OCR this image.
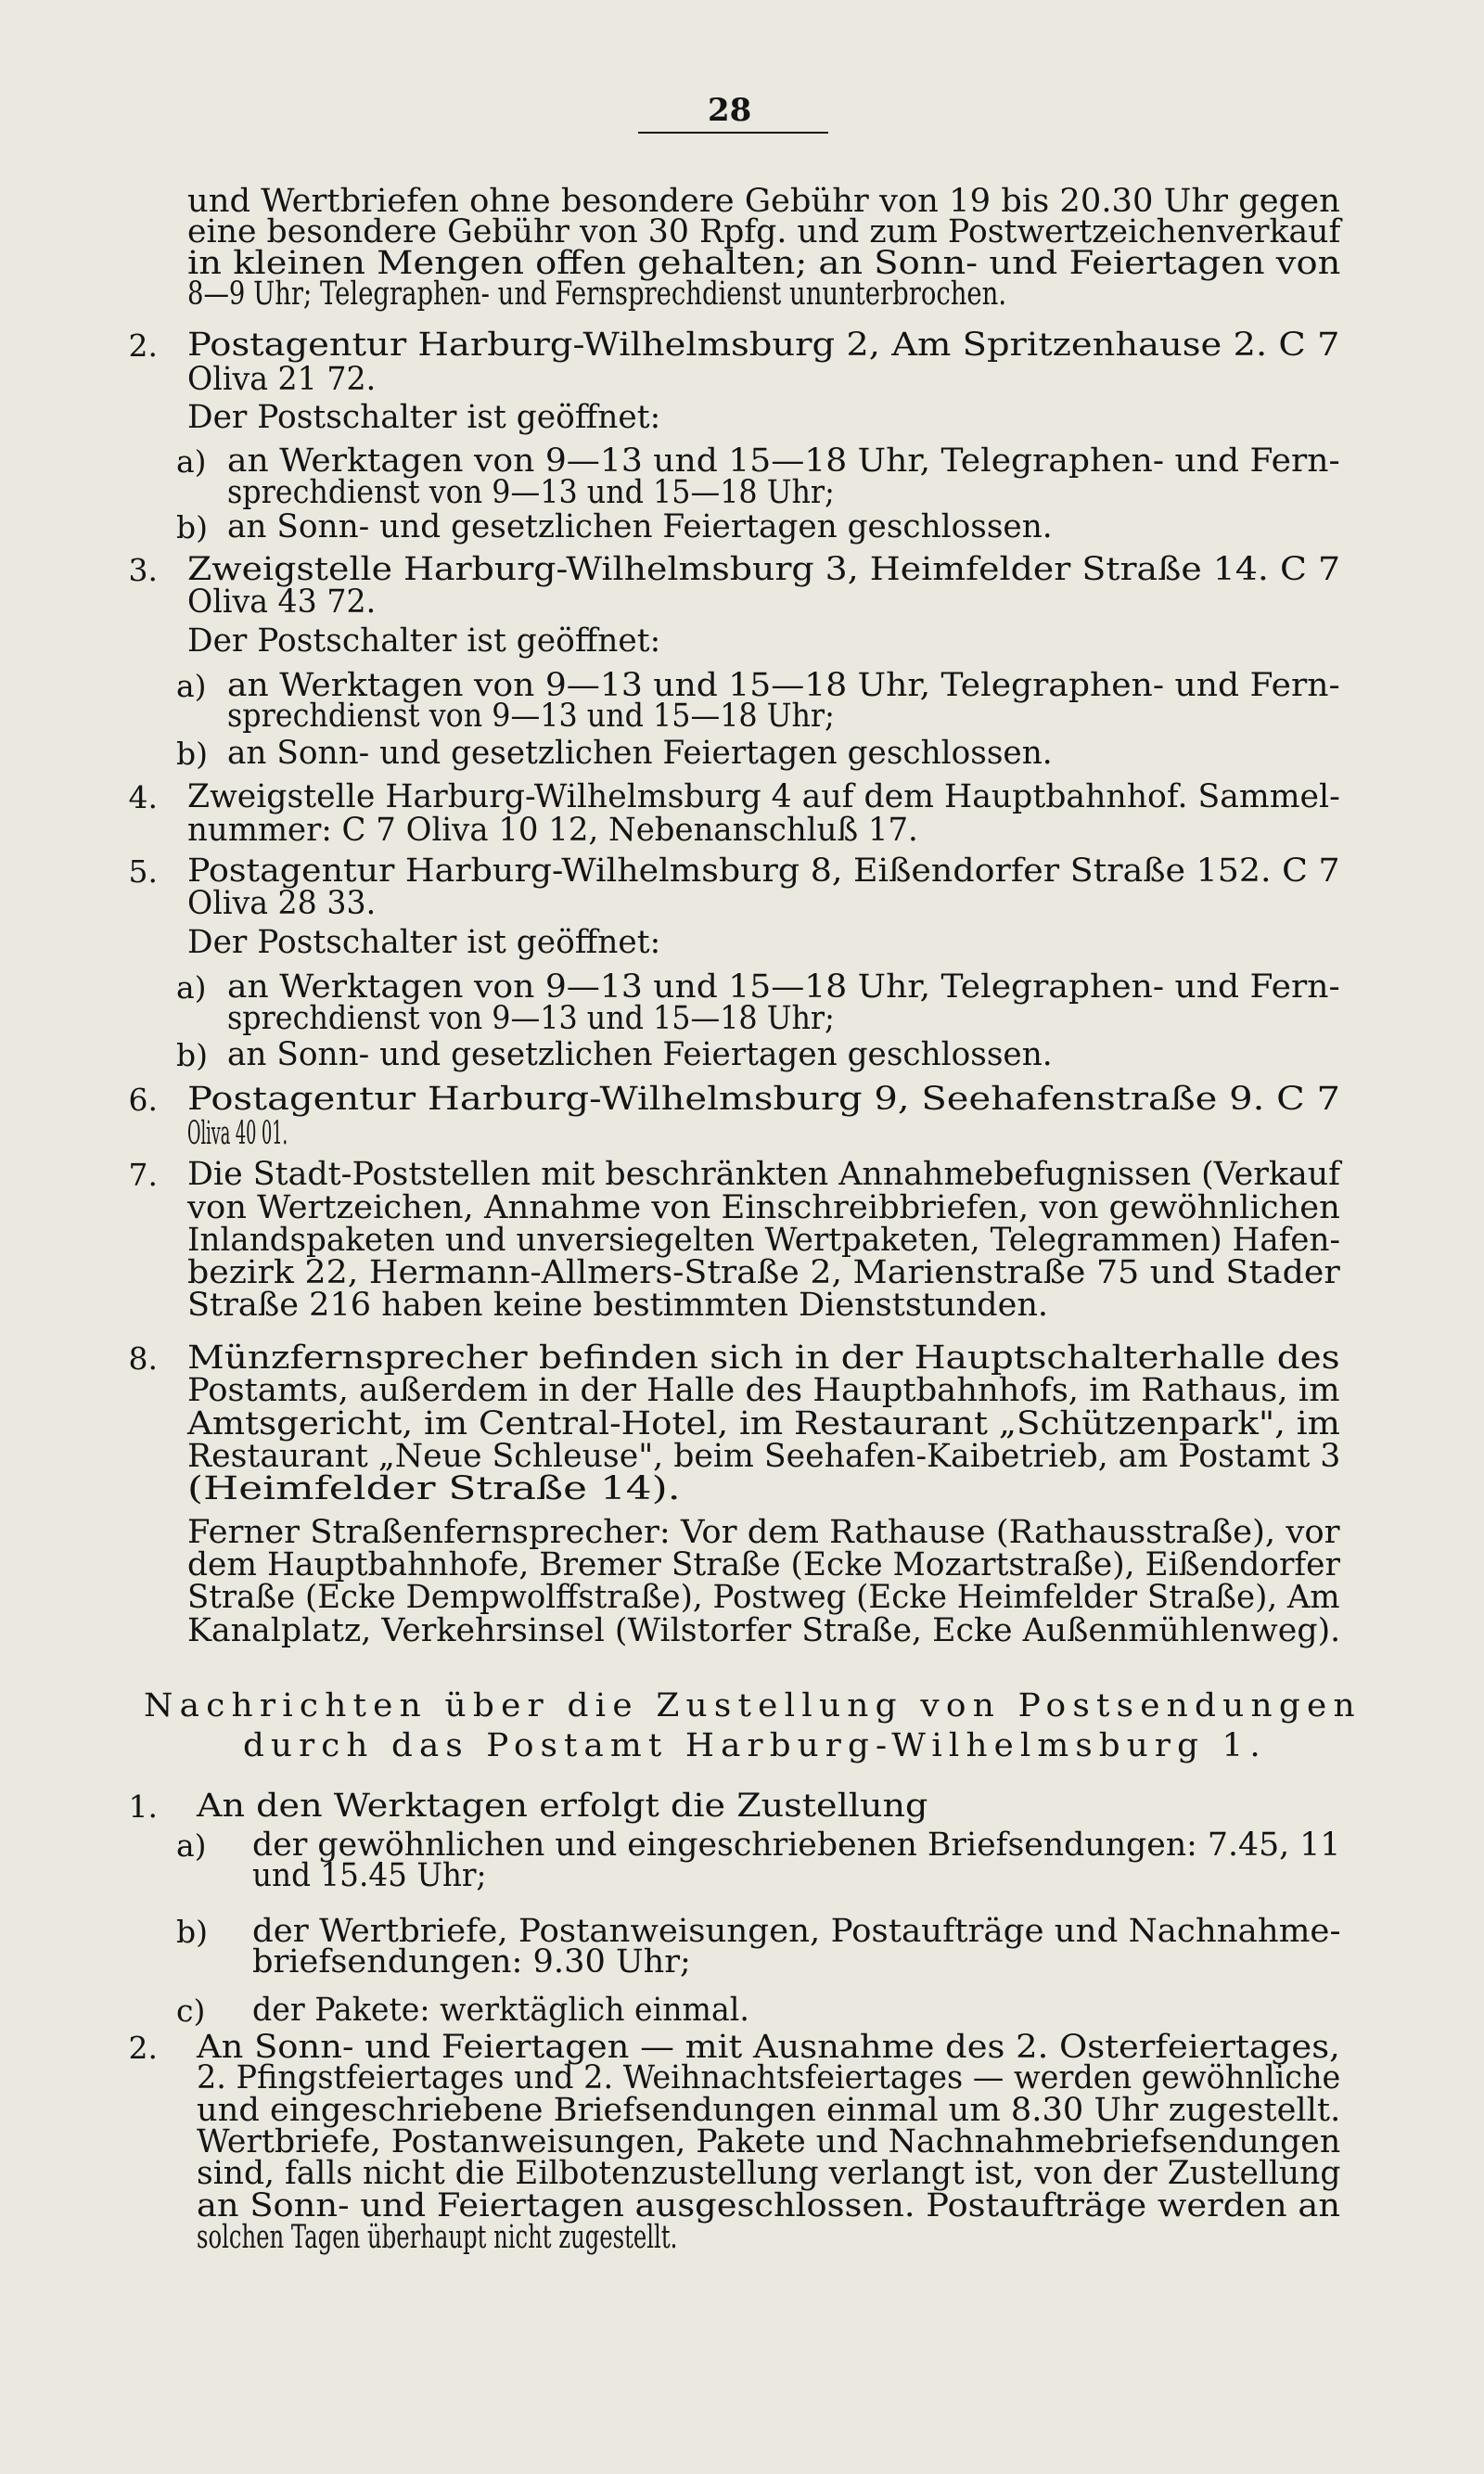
28
und Wertbriefen ohne besondere Gebühr von 19 bis 20.30 Uhr gegen
eine besondere Gebühr von 30 Rpfg. und zum Postwertzeichenverkauf
in kleinen Mengen offen gehalten; an Sonn- und Feiertagen von
8—9 Uhr; Telegraphen- und Fernsprechdienst ununterbrochen.
2. Postagentur Harburg-Wilhelmsburg 2, Am Spritzenhause 2. C 7
Oliva 21 72.
Der Postschalter ist geöffnet:
a) an Werktagen von 9—13 und 15—18 Uhr, Telegraphen- und Fern-
sprechdienst von 9—13 und 15—18 Uhr;
b) an Sonn- und gesetzlichen Feiertagen geschlossen.
3. Zweigstelle Harburg-Wilhelmsburg 3, Heimfelder Straße 14. C 7
Oliva 43 72.
Der Postschalter ist geöffnet:
a) an Werktagen von 9—13 und 15—18 Uhr, Telegraphen- und Fern-
sprechdienst von 9—13 und 15—18 Uhr;
b) an Sonn- und gesetzlichen Feiertagen geschlossen.
4. Zweigstelle Harburg-Wilhelmsburg 4 auf dem Hauptbahnhof. Sammel-
nummer: C 7 Oliva 10 12, Nebenanschluß 17.
5. Postagentur Harburg-Wilhelmsburg 8, Eißendorfer Straße 152. C 7
Oliva 28 33.
Der Postschalter ist geöffnet:
a) an Werktagen von 9—13 und 15—18 Uhr, Telegraphen- und Fern-
sprechdienst von 9—13 und 15—18 Uhr;
b) an Sonn- und gesetzlichen Feiertagen geschlossen.
6. Postagentur Harburg-Wilhelmsburg 9, Seehafenstraße 9. C 7
Oliva 40 01.
7. Die Stadt-Poststellen mit beschränkten Annahmebefugnissen (Verkauf
von Wertzeichen, Annahme von Einschreibbriefen, von gewöhnlichen
Inlandspaketen und unversiegelten Wertpaketen, Telegrammen) Hafen-
bezirk 22, Hermann-Allmers-Straße 2, Marienstraße 75 und Stader
Straße 216 haben keine bestimmten Dienststunden.
8. Münzfernsprecher befinden sich in der Hauptschalterhalle des
Postamts, außerdem in der Halle des Hauptbahnhofs, im Rathaus, im
Amtsgericht, im Central-Hotel, im Restaurant „Schützenpark", im
Restaurant „Neue Schleuse", beim Seehafen-Kaibetrieb, am Postamt 3
(Heimfelder Straße 14).
Ferner Straßenfernsprecher: Vor dem Rathause (Rathausstraße), vor
dem Hauptbahnhofe, Bremer Straße (Ecke Mozartstraße), Eißendorfer
Straße (Ecke Dempwolffstraße), Postweg (Ecke Heimfelder Straße), Am
Kanalplatz, Verkehrsinsel (Wilstorfer Straße, Ecke Außenmühlenweg).
Nachrichten über die Zustellung von Postsendungen
durch das Postamt Harburg-Wilhelmsburg 1.
1. An den Werktagen erfolgt die Zustellung
a) der gewöhnlichen und eingeschriebenen Briefsendungen: 7.45, 11
und 15.45 Uhr;
b) der Wertbriefe, Postanweisungen, Postaufträge und Nachnahme-
briefsendungen: 9.30 Uhr;
c) der Pakete: werktäglich einmal.
2. An Sonn- und Feiertagen — mit Ausnahme des 2. Osterfeiertages,
2. Pfingstfeiertages und 2. Weihnachtsfeiertages — werden gewöhnliche
und eingeschriebene Briefsendungen einmal um 8.30 Uhr zugestellt.
Wertbriefe, Postanweisungen, Pakete und Nachnahmebriefsendungen
sind, falls nicht die Eilbotenzustellung verlangt ist, von der Zustellung
an Sonn- und Feiertagen ausgeschlossen. Postaufträge werden an
solchen Tagen überhaupt nicht zugestellt.
